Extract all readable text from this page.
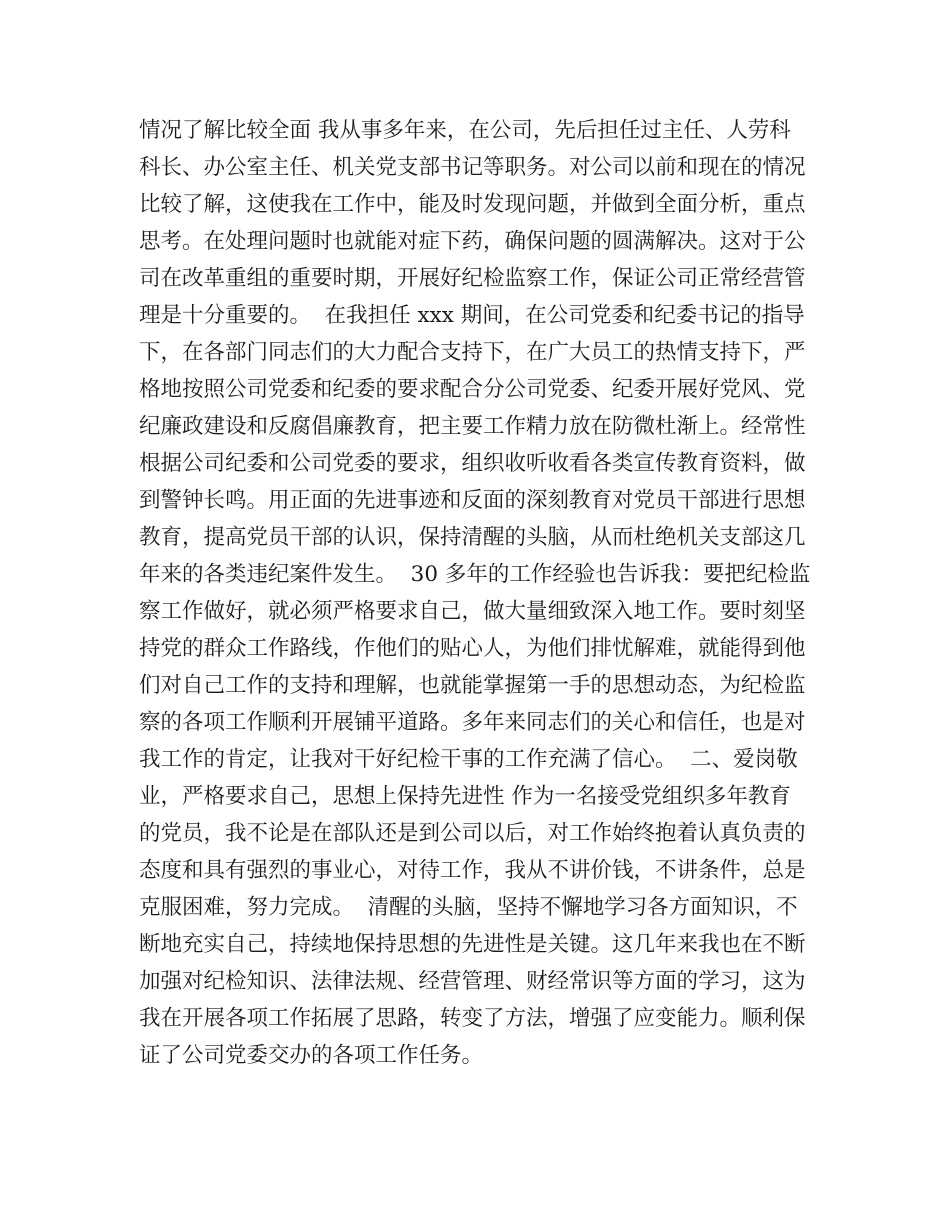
情况了解比较全面 我从事多年来，在公司，先后担任过主任、人劳科
科长、办公室主任、机关党支部书记等职务。对公司以前和现在的情况
比较了解，这使我在工作中，能及时发现问题，并做到全面分析，重点
思考。在处理问题时也就能对症下药，确保问题的圆满解决。这对于公
司在改革重组的重要时期，开展好纪检监察工作，保证公司正常经营管
理是十分重要的。  在我担任 xxx 期间，在公司党委和纪委书记的指导
下，在各部门同志们的大力配合支持下，在广大员工的热情支持下，严
格地按照公司党委和纪委的要求配合分公司党委、纪委开展好党风、党
纪廉政建设和反腐倡廉教育，把主要工作精力放在防微杜渐上。经常性
根据公司纪委和公司党委的要求，组织收听收看各类宣传教育资料，做
到警钟长鸣。用正面的先进事迹和反面的深刻教育对党员干部进行思想
教育，提高党员干部的认识，保持清醒的头脑，从而杜绝机关支部这几
年来的各类违纪案件发生。  30 多年的工作经验也告诉我：要把纪检监
察工作做好，就必须严格要求自己，做大量细致深入地工作。要时刻坚
持党的群众工作路线，作他们的贴心人，为他们排忧解难，就能得到他
们对自己工作的支持和理解，也就能掌握第一手的思想动态，为纪检监
察的各项工作顺利开展铺平道路。多年来同志们的关心和信任，也是对
我工作的肯定，让我对干好纪检干事的工作充满了信心。  二、爱岗敬
业，严格要求自己，思想上保持先进性 作为一名接受党组织多年教育
的党员，我不论是在部队还是到公司以后，对工作始终抱着认真负责的
态度和具有强烈的事业心，对待工作，我从不讲价钱，不讲条件，总是
克服困难，努力完成。  清醒的头脑，坚持不懈地学习各方面知识，不
断地充实自己，持续地保持思想的先进性是关键。这几年来我也在不断
加强对纪检知识、法律法规、经营管理、财经常识等方面的学习，这为
我在开展各项工作拓展了思路，转变了方法，增强了应变能力。顺利保
证了公司党委交办的各项工作任务。
